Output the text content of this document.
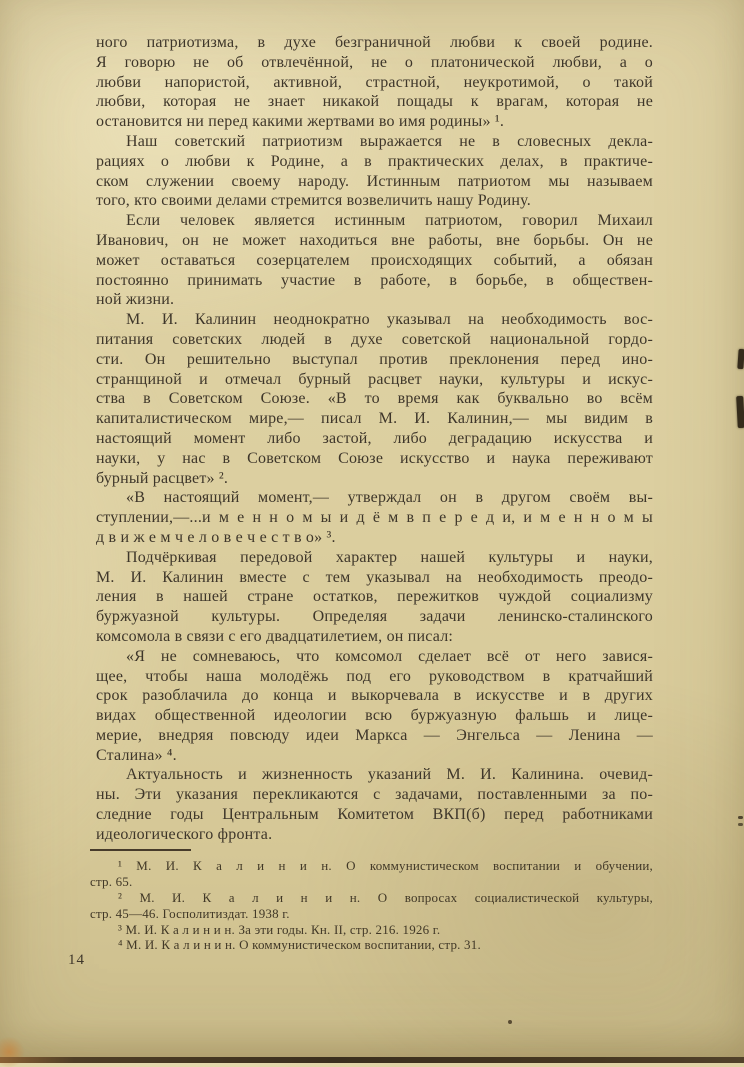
ного патриотизма, в духе безграничной любви к своей родине.
Я говорю не об отвлечённой, не о платонической любви, а о
любви напористой, активной, страстной, неукротимой, о такой
любви, которая не знает никакой пощады к врагам, которая не
остановится ни перед какими жертвами во имя родины» ¹.
Наш советский патриотизм выражается не в словесных декла-
рациях о любви к Родине, а в практических делах, в практиче-
ском служении своему народу. Истинным патриотом мы называем
того, кто своими делами стремится возвеличить нашу Родину.
Если человек является истинным патриотом, говорил Михаил
Иванович, он не может находиться вне работы, вне борьбы. Он не
может оставаться созерцателем происходящих событий, а обязан
постоянно принимать участие в работе, в борьбе, в обществен-
ной жизни.
М. И. Калинин неоднократно указывал на необходимость вос-
питания советских людей в духе советской национальной гордо-
сти. Он решительно выступал против преклонения перед ино-
странщиной и отмечал бурный расцвет науки, культуры и искус-
ства в Советском Союзе. «В то время как буквально во всём
капиталистическом мире,— писал М. И. Калинин,— мы видим в
настоящий момент либо застой, либо деградацию искусства и
науки, у нас в Советском Союзе искусство и наука переживают
бурный расцвет» ².
«В настоящий момент,— утверждал он в другом своём вы-
ступлении,—...и м е н н о м ы и д ё м в п е р е д и, и м е н н о м ы
д в и ж е м ч е л о в е ч е с т в о» ³.
Подчёркивая передовой характер нашей культуры и науки,
М. И. Калинин вместе с тем указывал на необходимость преодо-
ления в нашей стране остатков, пережитков чуждой социализму
буржуазной культуры. Определяя задачи ленинско-сталинского
комсомола в связи с его двадцатилетием, он писал:
«Я не сомневаюсь, что комсомол сделает всё от него завися-
щее, чтобы наша молодёжь под его руководством в кратчайший
срок разоблачила до конца и выкорчевала в искусстве и в других
видах общественной идеологии всю буржуазную фальшь и лице-
мерие, внедряя повсюду идеи Маркса — Энгельса — Ленина —
Сталина» ⁴.
Актуальность и жизненность указаний М. И. Калинина. очевид-
ны. Эти указания перекликаются с задачами, поставленными за по-
следние годы Центральным Комитетом ВКП(б) перед работниками
идеологического фронта.
¹ М. И. К а л и н и н. О коммунистическом воспитании и обучении,
стр. 65.
² М. И. К а л и н и н. О вопросах социалистической культуры,
стр. 45—46. Госполитиздат. 1938 г.
³ М. И. К а л и н и н. За эти годы. Кн. II, стр. 216. 1926 г.
⁴ М. И. К а л и н и н. О коммунистическом воспитании, стр. 31.
14
